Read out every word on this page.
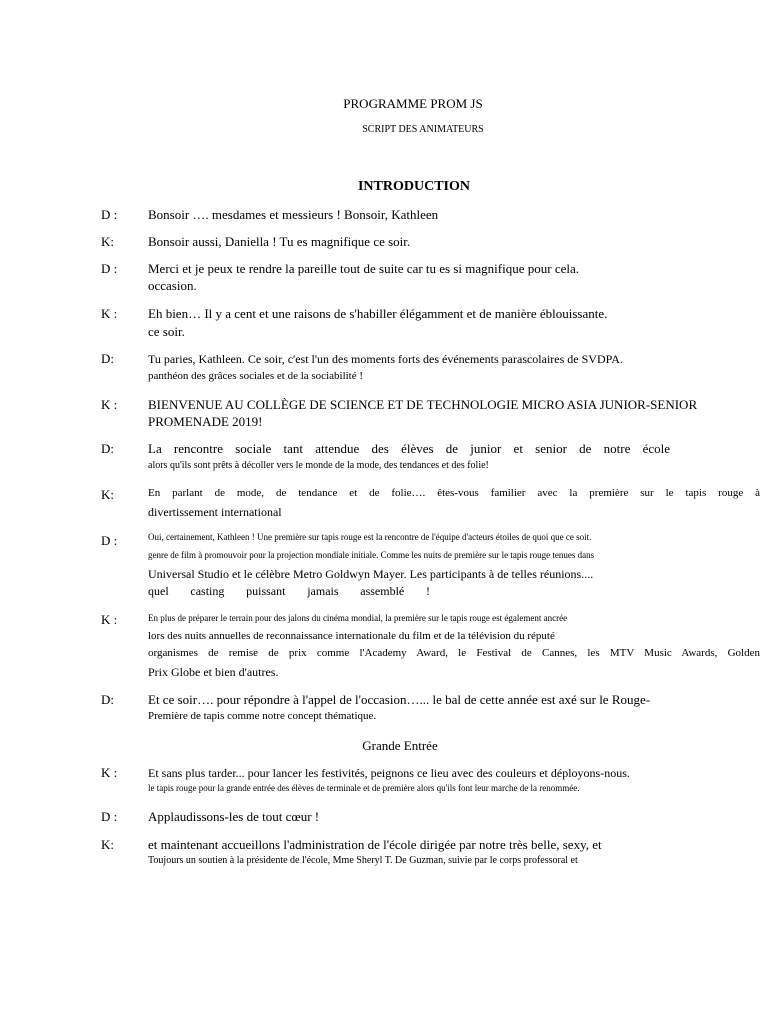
PROGRAMME PROM JS
SCRIPT DES ANIMATEURS
INTRODUCTION
D : Bonsoir …. mesdames et messieurs ! Bonsoir, Kathleen
K:	Bonsoir aussi, Daniella ! Tu es magnifique ce soir.
D : Merci et je peux te rendre la pareille tout de suite car tu es si magnifique pour cela.
occasion.
K : Eh bien… Il y a cent et une raisons de s'habiller élégamment et de manière éblouissante.
ce soir.
D:	Tu paries, Kathleen. Ce soir, c'est l'un des moments forts des événements parascolaires de SVDPA.
panthéon des grâces sociales et de la sociabilité !
K : BIENVENUE AU COLLÈGE DE SCIENCE ET DE TECHNOLOGIE MICRO ASIA JUNIOR-SENIOR
PROMENADE 2019!
D:	La rencontre sociale tant attendue des élèves de junior et senior de notre école
alors qu'ils sont prêts à décoller vers le monde de la mode, des tendances et des folie!
K:	En parlant de mode, de tendance et de folie…. êtes-vous familier avec la première sur le tapis rouge à
divertissement international
D :	Oui, certainement, Kathleen ! Une première sur tapis rouge est la rencontre de l'équipe d'acteurs étoiles de quoi que ce soit.
genre de film à promouvoir pour la projection mondiale initiale. Comme les nuits de première sur le tapis rouge tenues dans
Universal Studio et le célèbre Metro Goldwyn Mayer. Les participants à de telles réunions....
quel casting puissant jamais assemblé !
K :	En plus de préparer le terrain pour des jalons du cinéma mondial, la première sur le tapis rouge est également ancrée
lors des nuits annuelles de reconnaissance internationale du film et de la télévision du réputé
organismes de remise de prix comme l'Academy Award, le Festival de Cannes, les MTV Music Awards, Golden
Prix Globe et bien d'autres.
D:	Et ce soir…. pour répondre à l'appel de l'occasion…... le bal de cette année est axé sur le Rouge-
Première de tapis comme notre concept thématique.
Grande Entrée
K :	Et sans plus tarder... pour lancer les festivités, peignons ce lieu avec des couleurs et déployons-nous.
le tapis rouge pour la grande entrée des élèves de terminale et de première alors qu'ils font leur marche de la renommée.
D : Applaudissons-les de tout cœur !
K:	et maintenant accueillons l'administration de l'école dirigée par notre très belle, sexy, et
Toujours un soutien à la présidente de l'école, Mme Sheryl T. De Guzman, suivie par le corps professoral et
